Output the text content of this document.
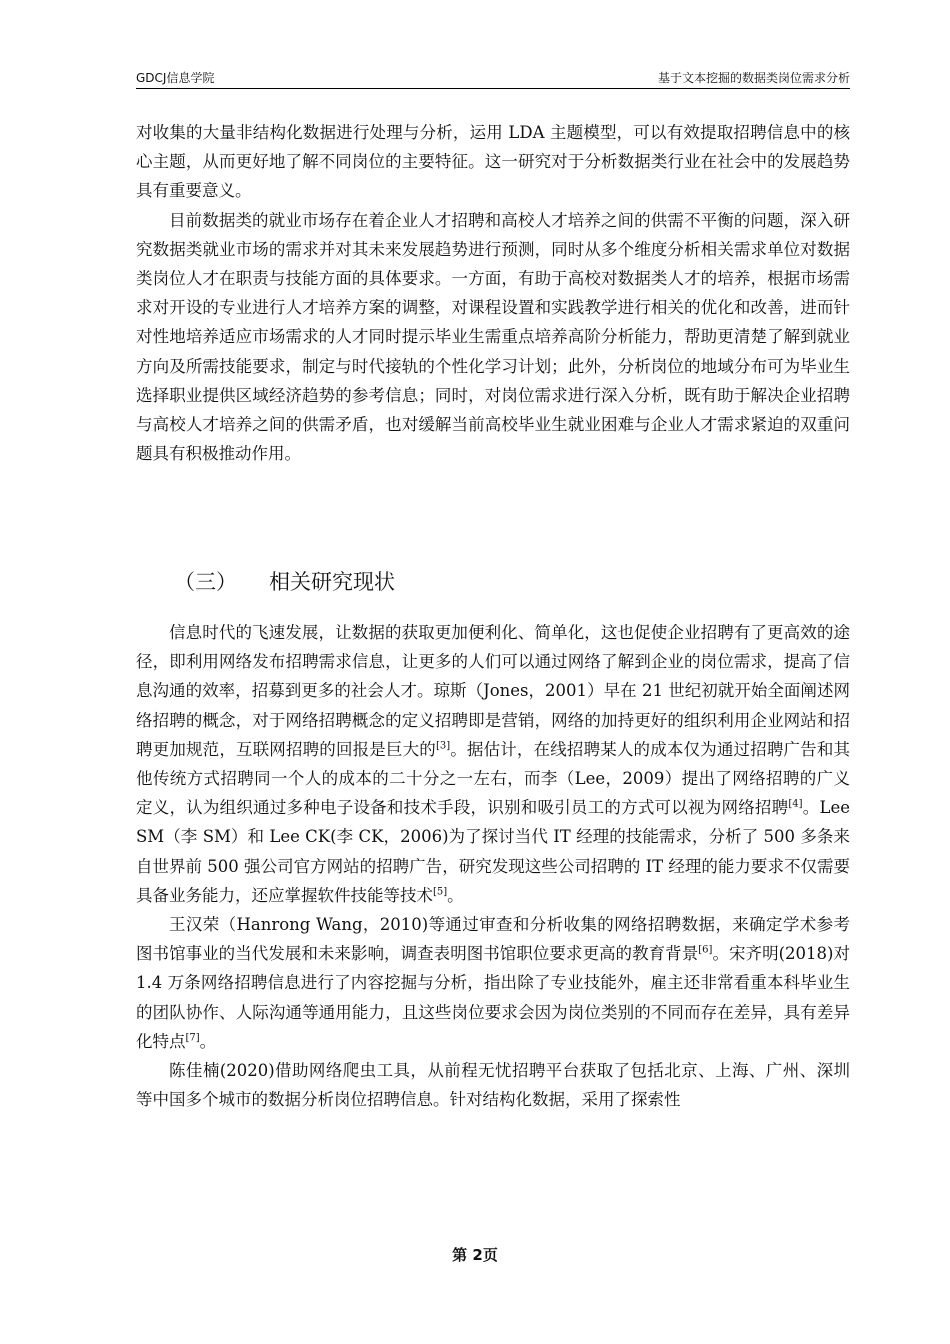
GDCJ信息学院	基于文本挖掘的数据类岗位需求分析

对收集的大量非结构化数据进行处理与分析，运用 LDA 主题模型，可以有效提取招聘信息中的核心主题，从而更好地了解不同岗位的主要特征。这一研究对于分析数据类行业在社会中的发展趋势具有重要意义。

目前数据类的就业市场存在着企业人才招聘和高校人才培养之间的供需不平衡的问题，深入研究数据类就业市场的需求并对其未来发展趋势进行预测，同时从多个维度分析相关需求单位对数据类岗位人才在职责与技能方面的具体要求。一方面，有助于高校对数据类人才的培养，根据市场需求对开设的专业进行人才培养方案的调整，对课程设置和实践教学进行相关的优化和改善，进而针对性地培养适应市场需求的人才同时提示毕业生需重点培养高阶分析能力，帮助更清楚了解到就业方向及所需技能要求，制定与时代接轨的个性化学习计划；此外，分析岗位的地域分布可为毕业生选择职业提供区域经济趋势的参考信息；同时，对岗位需求进行深入分析，既有助于解决企业招聘与高校人才培养之间的供需矛盾，也对缓解当前高校毕业生就业困难与企业人才需求紧迫的双重问题具有积极推动作用。

（三） 相关研究现状

信息时代的飞速发展，让数据的获取更加便利化、简单化，这也促使企业招聘有了更高效的途径，即利用网络发布招聘需求信息，让更多的人们可以通过网络了解到企业的岗位需求，提高了信息沟通的效率，招募到更多的社会人才。琼斯（Jones，2001）早在 21 世纪初就开始全面阐述网络招聘的概念，对于网络招聘概念的定义招聘即是营销，网络的加持更好的组织利用企业网站和招聘更加规范，互联网招聘的回报是巨大的[3]。据估计，在线招聘某人的成本仅为通过招聘广告和其他传统方式招聘同一个人的成本的二十分之一左右，而李（Lee，2009）提出了网络招聘的广义定义，认为组织通过多种电子设备和技术手段，识别和吸引员工的方式可以视为网络招聘[4]。Lee SM（李 SM）和 Lee CK(李 CK，2006)为了探讨当代 IT 经理的技能需求，分析了 500 多条来自世界前 500 强公司官方网站的招聘广告，研究发现这些公司招聘的 IT 经理的能力要求不仅需要具备业务能力，还应掌握软件技能等技术[5]。

王汉荣（Hanrong Wang，2010)等通过审查和分析收集的网络招聘数据，来确定学术参考图书馆事业的当代发展和未来影响，调查表明图书馆职位要求更高的教育背景[6]。宋齐明(2018)对 1.4 万条网络招聘信息进行了内容挖掘与分析，指出除了专业技能外，雇主还非常看重本科毕业生的团队协作、人际沟通等通用能力，且这些岗位要求会因为岗位类别的不同而存在差异，具有差异化特点[7]。

陈佳楠(2020)借助网络爬虫工具，从前程无忧招聘平台获取了包括北京、上海、广州、深圳等中国多个城市的数据分析岗位招聘信息。针对结构化数据，采用了探索性

第 2页
